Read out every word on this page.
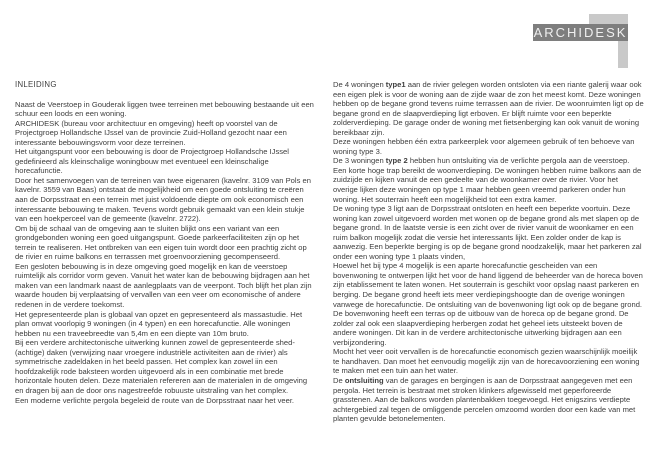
ARCHIDESK
INLEIDING

Naast de Veerstoep in Gouderak liggen twee terreinen met bebouwing bestaande uit een schuur een loods en een woning.

ARCHIDESK (bureau voor architectuur en omgeving) heeft op voorstel van de Projectgroep Hollandsche IJssel van de provincie Zuid-Holland gezocht naar een interessante bebouwingsvorm voor deze terreinen.

Het uitgangspunt voor een bebouwing is door de Projectgroep Hollandsche IJssel gedefinieerd als kleinschalige woningbouw met eventueel een kleinschalige horecafunctie.

Door het samenvoegen van de terreinen van twee eigenaren (kavelnr. 3109 van Pols en kavelnr. 3559 van Baas) ontstaat de mogelijkheid om een goede ontsluiting te creëren aan de Dorpsstraat en een terrein met juist voldoende diepte om ook economisch een interessante bebouwing te maken. Tevens wordt gebruik gemaakt van een klein stukje van een hoekperceel van de gemeente (kavelnr. 2722).

Om bij de schaal van de omgeving aan te sluiten blijkt ons een variant van een grondgebonden woning een goed uitgangspunt. Goede parkeerfaciliteiten zijn op het terrein te realiseren. Het ontbreken van een eigen tuin wordt door een prachtig zicht op de rivier en ruime balkons en terrassen met groenvoorziening gecompenseerd.

Een gesloten bebouwing is in deze omgeving goed mogelijk en kan de veerstoep ruimtelijk als corridor vorm geven. Vanuit het water kan de bebouwing bijdragen aan het maken van een landmark naast de aanlegplaats van de veerpont. Toch blijft het plan zijn waarde houden bij verplaatsing of vervallen van een veer om economische of andere redenen in de verdere toekomst.

Het gepresenteerde plan is globaal van opzet en gepresenteerd als massastudie. Het plan omvat voorlopig 9 woningen (in 4 typen) en een horecafunctie. Alle woningen hebben nu een traveebreedte van 5,4m en een diepte van 10m bruto.

Bij een verdere architectonische uitwerking kunnen zowel de gepresenteerde shed-(achtige) daken (verwijzing naar vroegere industriële activiteiten aan de rivier) als symmetrische zadeldaken in het beeld passen. Het complex kan zowel iin een hoofdzakelijk rode baksteen worden uitgevoerd als in een combinatie met brede horizontale houten delen. Deze materialen refereren aan de materialen in de omgeving en dragen bij aan de door ons nagestreefde robuuste uitstraling van het complex.

Een moderne verlichte pergola begeleid de route van de Dorpsstraat naar het veer.

De 4 woningen type1 aan de rivier gelegen worden ontsloten via een riante galerij waar ook een eigen plek is voor de woning aan de zijde waar de zon het meest komt. Deze woningen hebben op de begane grond tevens ruime terrassen aan de rivier. De woonruimten ligt op de begane grond en de slaapverdieping ligt erboven. Er blijft ruimte voor een beperkte zolderverdieping. De garage onder de woning met fietsenberging kan ook vanuit de woning bereikbaar zijn.

Deze woningen hebben één extra parkeerplek voor algemeen gebruik of ten behoeve van woning type 3.

De 3 woningen type 2 hebben hun ontsluiting via de verlichte pergola aan de veerstoep. Een korte hoge trap bereikt de woonverdieping. De woningen hebben ruime balkons aan de zuidzijde en kijken vanuit de een gedeelte van de woonkamer over de rivier. Voor het overige lijken deze woningen op type 1 maar hebben geen vreemd parkeren onder hun woning. Het souterrain heeft een mogelijkheid tot een extra kamer.

De woning type 3 ligt aan de Dorpsstraat ontsloten en heeft een beperkte voortuin. Deze woning kan zowel uitgevoerd worden met wonen op de begane grond als met slapen op de begane grond. In de laatste versie is een zicht over de rivier vanuit de woonkamer en een ruim balkon mogelijk zodat die versie het interessants lijkt. Een zolder onder de kap is aanwezig. Een beperkte berging is op de begane grond noodzakelijk, maar het parkeren zal onder een woning type 1 plaats vinden,

Hoewel het bij type 4 mogelijk is een aparte horecafunctie gescheiden van een bovenwoning te ontwerpen lijkt het voor de hand liggend de beheerder van de horeca boven zijn etablissement te laten wonen. Het souterrain is geschikt voor opslag naast parkeren en berging. De begane grond heeft iets meer verdiepingshoogte dan de overige woningen vanwege de horecafunctie. De ontsluiting van de bovenwoning ligt ook op de begane grond. De bovenwoning heeft een terras op de uitbouw van de horeca op de begane grond. De zolder zal ook een slaapverdieping herbergen zodat het geheel iets uitsteekt boven de andere woningen. Dit kan in de verdere architectonische uitwerking bijdragen aan een verbijzondering.

Mocht het veer ooit vervallen is de horecafunctie economisch gezien waarschijnlijk moeilijk te handhaven. Dan moet het eenvoudig mogelijk zijn van de horecavoorziening een woning te maken met een tuin aan het water.

De ontsluiting van de garages en bergingen is aan de Dorpsstraat aangegeven met een pergola. Het terrein is bestraat met stroken klinkers afgewisseld met geperforeerde grasstenen. Aan de balkons worden plantenbakken toegevoegd. Het enigszins verdiepte achtergebied zal tegen de omliggende percelen omzoomd worden door een kade van met planten gevulde betonelementen.
